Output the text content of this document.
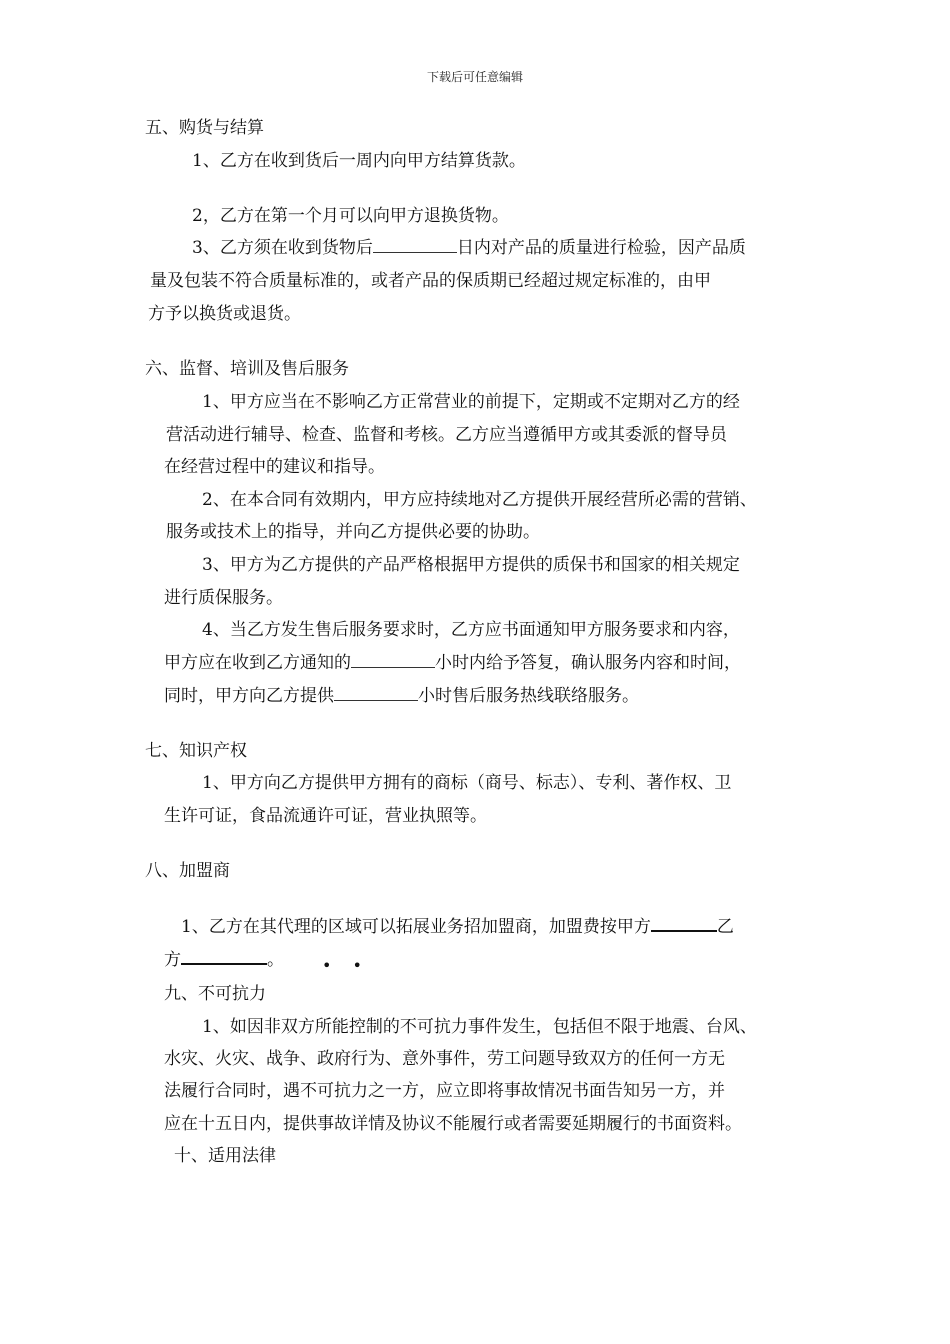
下载后可任意编辑
五、购货与结算
1、乙方在收到货后一周内向甲方结算货款。
2，乙方在第一个月可以向甲方退换货物。
3、乙方须在收到货物后	日内对产品的质量进行检验，因产品质
量及包装不符合质量标准的，或者产品的保质期已经超过规定标准的，由甲
方予以换货或退货。
六、监督、培训及售后服务
1、甲方应当在不影响乙方正常营业的前提下，定期或不定期对乙方的经
营活动进行辅导、检查、监督和考核。乙方应当遵循甲方或其委派的督导员
在经营过程中的建议和指导。
2、在本合同有效期内，甲方应持续地对乙方提供开展经营所必需的营销、
服务或技术上的指导，并向乙方提供必要的协助。
3、甲方为乙方提供的产品严格根据甲方提供的质保书和国家的相关规定
进行质保服务。
4、当乙方发生售后服务要求时，乙方应书面通知甲方服务要求和内容，
甲方应在收到乙方通知的	小时内给予答复，确认服务内容和时间，
同时，甲方向乙方提供	小时售后服务热线联络服务。
七、知识产权
1、甲方向乙方提供甲方拥有的商标（商号、标志）、专利、著作权、卫
生许可证，食品流通许可证，营业执照等。
八、加盟商
1、乙方在其代理的区域可以拓展业务招加盟商，加盟费按甲方	乙
方	。 • •
九、不可抗力
1、如因非双方所能控制的不可抗力事件发生，包括但不限于地震、台风、
水灾、火灾、战争、政府行为、意外事件，劳工问题导致双方的任何一方无
法履行合同时，遇不可抗力之一方，应立即将事故情况书面告知另一方，并
应在十五日内，提供事故详情及协议不能履行或者需要延期履行的书面资料。
十、适用法律
